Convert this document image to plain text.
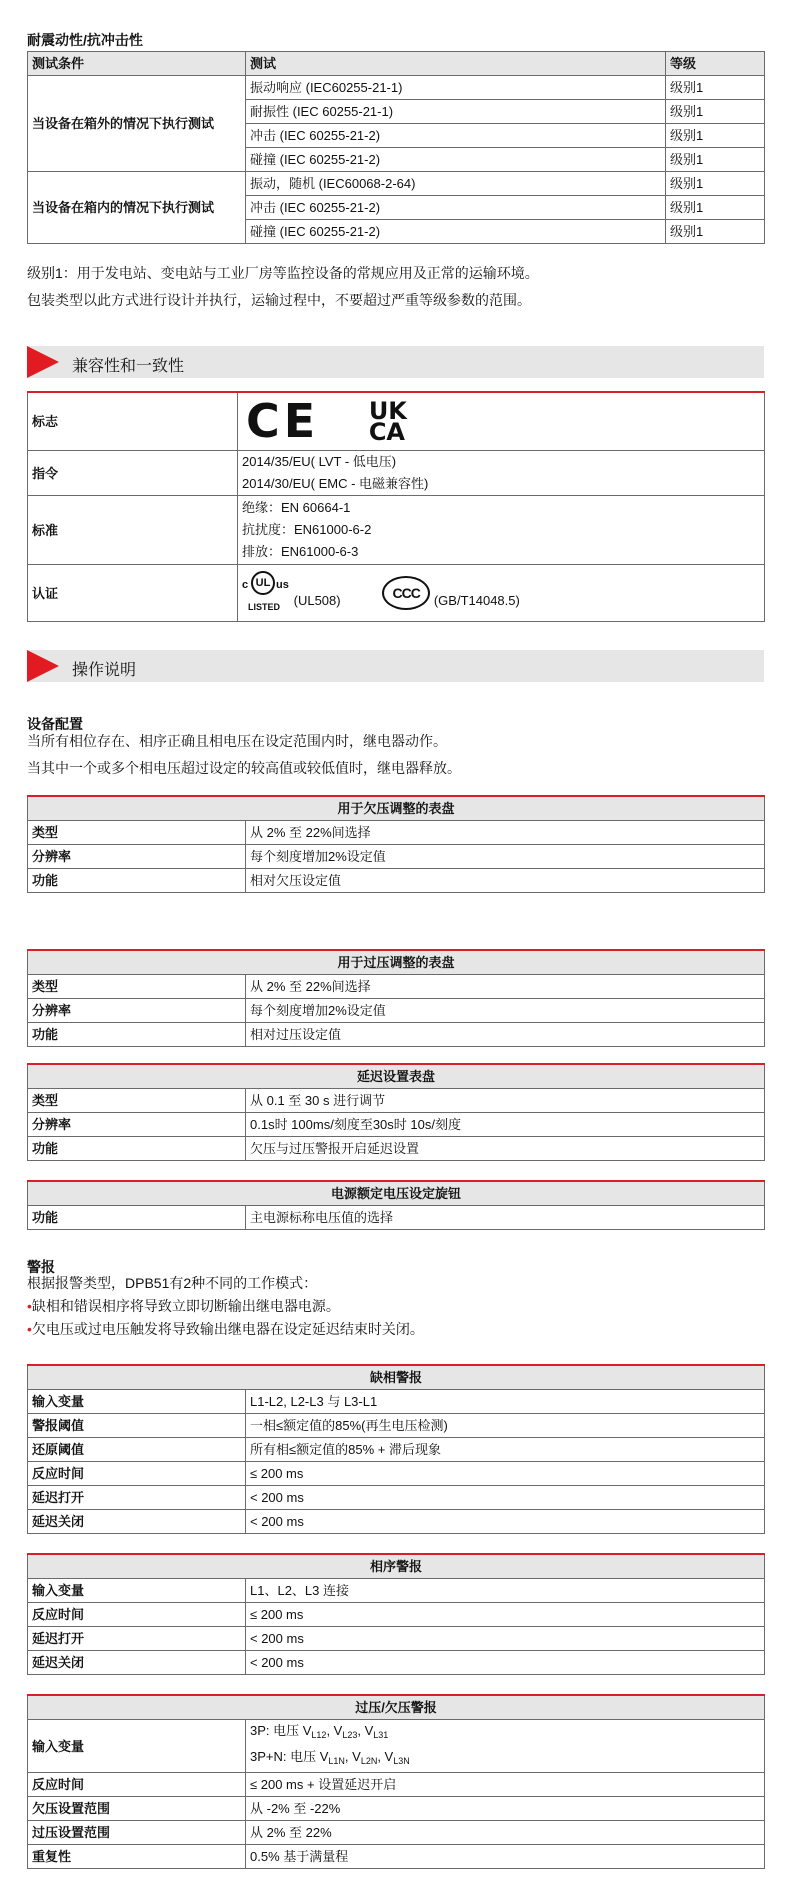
耐震动性/抗冲击性
测试条件	测试	等级
当设备在箱外的情况下执行测试	振动响应 (IEC60255-21-1)	级别1
	耐振性 (IEC 60255-21-1)	级别1
	冲击 (IEC 60255-21-2)	级别1
	碰撞 (IEC 60255-21-2)	级别1
当设备在箱内的情况下执行测试	振动，随机 (IEC60068-2-64)	级别1
	冲击 (IEC 60255-21-2)	级别1
	碰撞 (IEC 60255-21-2)	级别1
级别1：用于发电站、变电站与工业厂房等监控设备的常规应用及正常的运输环境。
包装类型以此方式进行设计并执行，运输过程中，不要超过严重等级参数的范围。
兼容性和一致性
标志	CE UK
CA

指令	2014/35/EU( LVT - 低电压)
2014/30/EU( EMC - 电磁兼容性)

标准	绝缘：EN 60664-1
抗扰度：EN61000-6-2
排放：EN61000-6-3

认证	c UL us
LISTED (UL508) CCC (GB/T14048.5)
操作说明
设备配置
当所有相位存在、相序正确且相电压在设定范围内时，继电器动作。
当其中一个或多个相电压超过设定的较高值或较低值时，继电器释放。
用于欠压调整的表盘	
类型	从 2% 至 22%间选择
分辨率	每个刻度增加2%设定值
功能	相对欠压设定值
用于过压调整的表盘	
类型	从 2% 至 22%间选择
分辨率	每个刻度增加2%设定值
功能	相对过压设定值
延迟设置表盘	
类型	从 0.1 至 30 s 进行调节
分辨率	0.1s时 100ms/刻度至30s时 10s/刻度
功能	欠压与过压警报开启延迟设置
电源额定电压设定旋钮
功能	主电源标称电压值的选择
警报
根据报警类型，DPB51有2种不同的工作模式：
•缺相和错误相序将导致立即切断输出继电器电源。
•欠电压或过电压触发将导致输出继电器在设定延迟结束时关闭。
缺相警报	
输入变量	L1-L2, L2-L3 与 L3-L1
警报阈值	一相≤额定值的85%(再生电压检测)
还原阈值	所有相≤额定值的85% + 滞后现象
反应时间	≤ 200 ms
延迟打开	< 200 ms
延迟关闭	< 200 ms
相序警报	
输入变量	L1、L2、L3 连接
反应时间	≤ 200 ms
延迟打开	< 200 ms
延迟关闭	< 200 ms
过压/欠压警报	
输入变量	3P: 电压 $V_{L12}$, $V_{L23}$, $V_{L31}$
3P+N: 电压 $V_{L1N}$, $V_{L2N}$, $V_{L3N}$

反应时间	≤ 200 ms + 设置延迟开启
欠压设置范围	从 -2% 至 -22%
过压设置范围	从 2% 至 22%
重复性	0.5% 基于满量程
